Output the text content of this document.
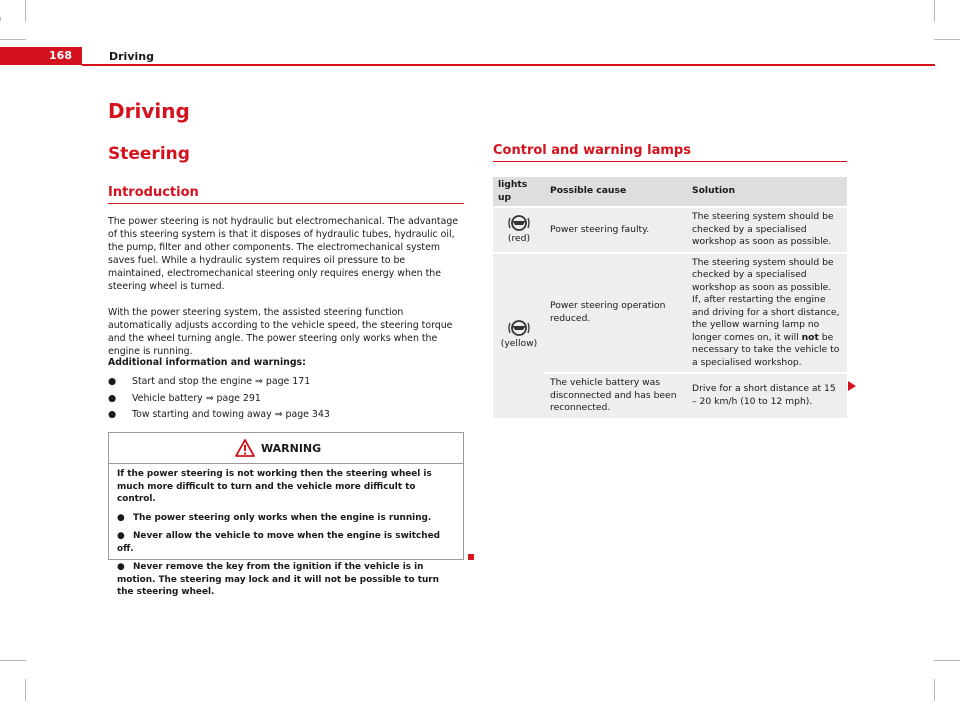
168	Driving
Driving
Steering
Introduction

The power steering is not hydraulic but electromechanical. The advantage of this steering system is that it disposes of hydraulic tubes, hydraulic oil, the pump, filter and other components. The electromechanical system saves fuel. While a hydraulic system requires oil pressure to be maintained, electromechanical steering only requires energy when the steering wheel is turned.

With the power steering system, the assisted steering function automatically adjusts according to the vehicle speed, the steering torque and the wheel turning angle. The power steering only works when the engine is running.

Additional information and warnings:

● Start and stop the engine ⇒ page 171
● Vehicle battery ⇒ page 291
● Tow starting and towing away ⇒ page 343
WARNING
If the power steering is not working then the steering wheel is much more difficult to turn and the vehicle more difficult to control.
● The power steering only works when the engine is running.
● Never allow the vehicle to move when the engine is switched off.
● Never remove the key from the ignition if the vehicle is in motion. The steering may lock and it will not be possible to turn the steering wheel.
Control and warning lamps
lights up	Possible cause	Solution

(red)	Power steering faulty.	The steering system should be checked by a specialised workshop as soon as possible.

(yellow)	Power steering operation reduced.	The steering system should be checked by a specialised workshop as soon as possible.
If, after restarting the engine and driving for a short distance, the yellow warning lamp no longer comes on, it will not be necessary to take the vehicle to a specialised workshop.

	The vehicle battery was disconnected and has been reconnected.	Drive for a short distance at 15 – 20 km/h (10 to 12 mph).
